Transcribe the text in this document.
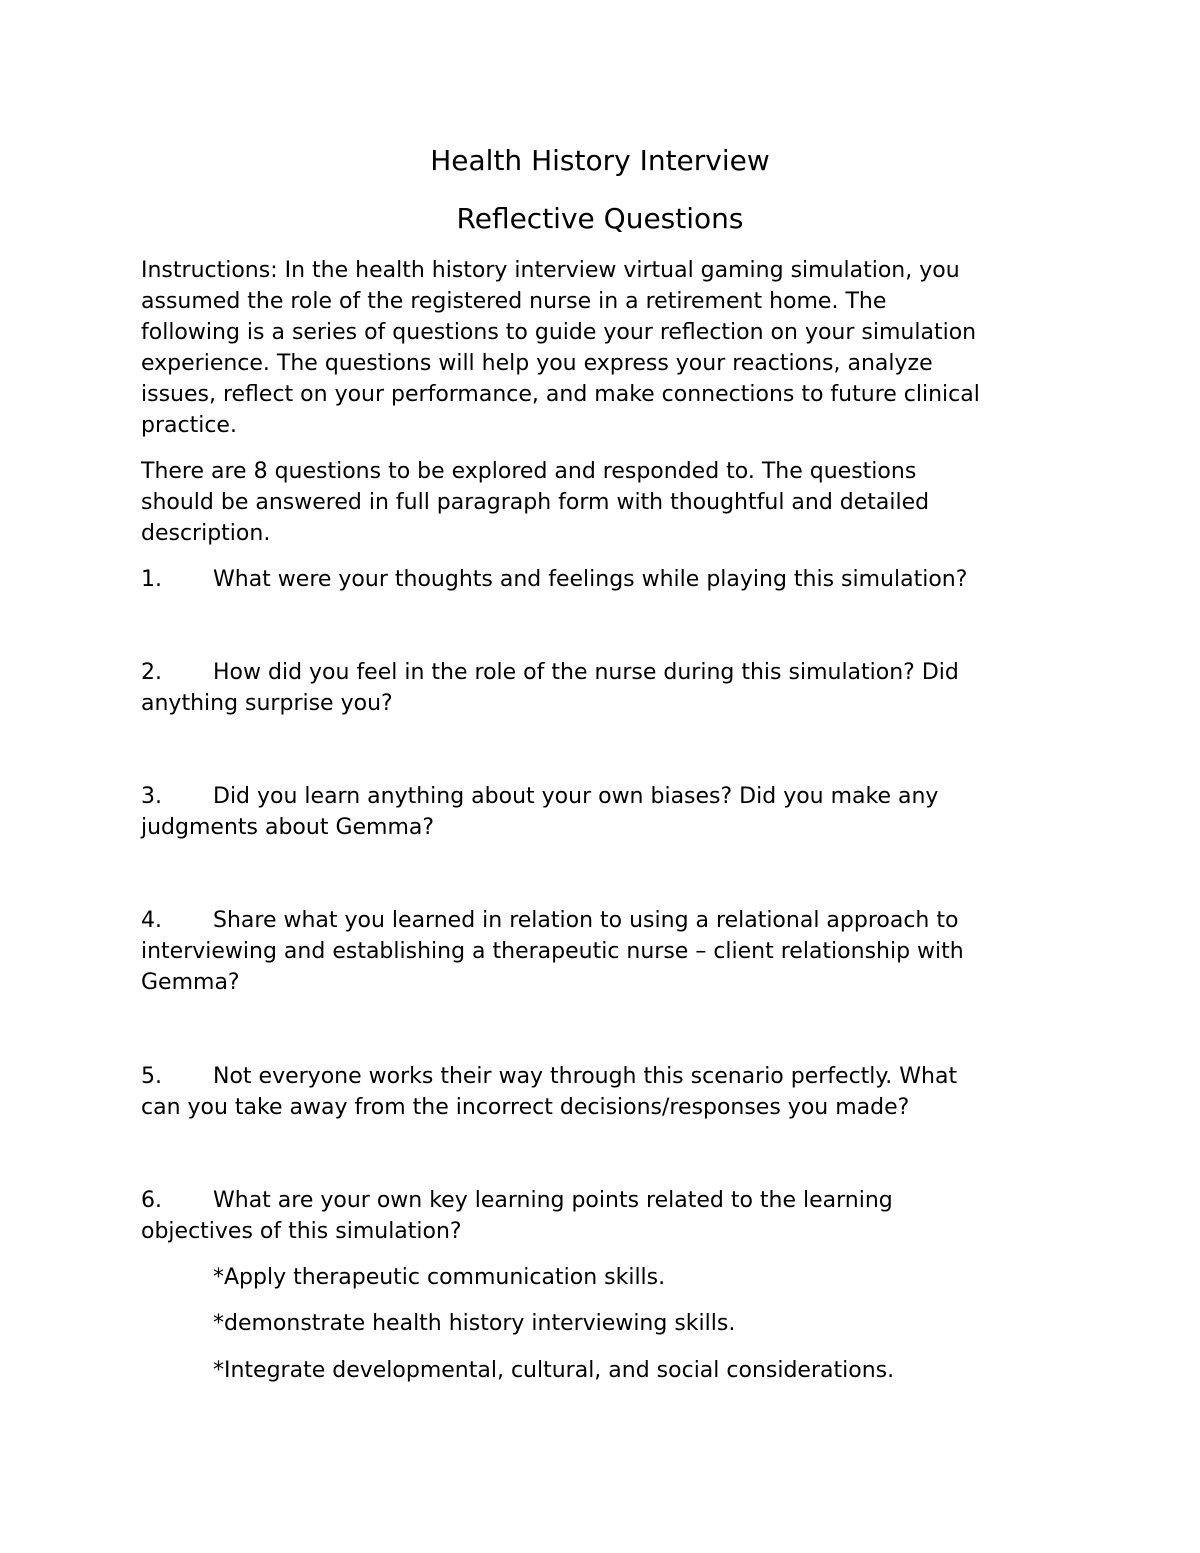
Health History Interview
Reflective Questions
Instructions: In the health history interview virtual gaming simulation, you
assumed the role of the registered nurse in a retirement home. The
following is a series of questions to guide your reflection on your simulation
experience. The questions will help you express your reactions, analyze
issues, reflect on your performance, and make connections to future clinical
practice.
There are 8 questions to be explored and responded to. The questions
should be answered in full paragraph form with thoughtful and detailed
description.
1. What were your thoughts and feelings while playing this simulation?
2. How did you feel in the role of the nurse during this simulation? Did
anything surprise you?
3. Did you learn anything about your own biases? Did you make any
judgments about Gemma?
4. Share what you learned in relation to using a relational approach to
interviewing and establishing a therapeutic nurse – client relationship with
Gemma?
5. Not everyone works their way through this scenario perfectly. What
can you take away from the incorrect decisions/responses you made?
6. What are your own key learning points related to the learning
objectives of this simulation?
*Apply therapeutic communication skills.
*demonstrate health history interviewing skills.
*Integrate developmental, cultural, and social considerations.
